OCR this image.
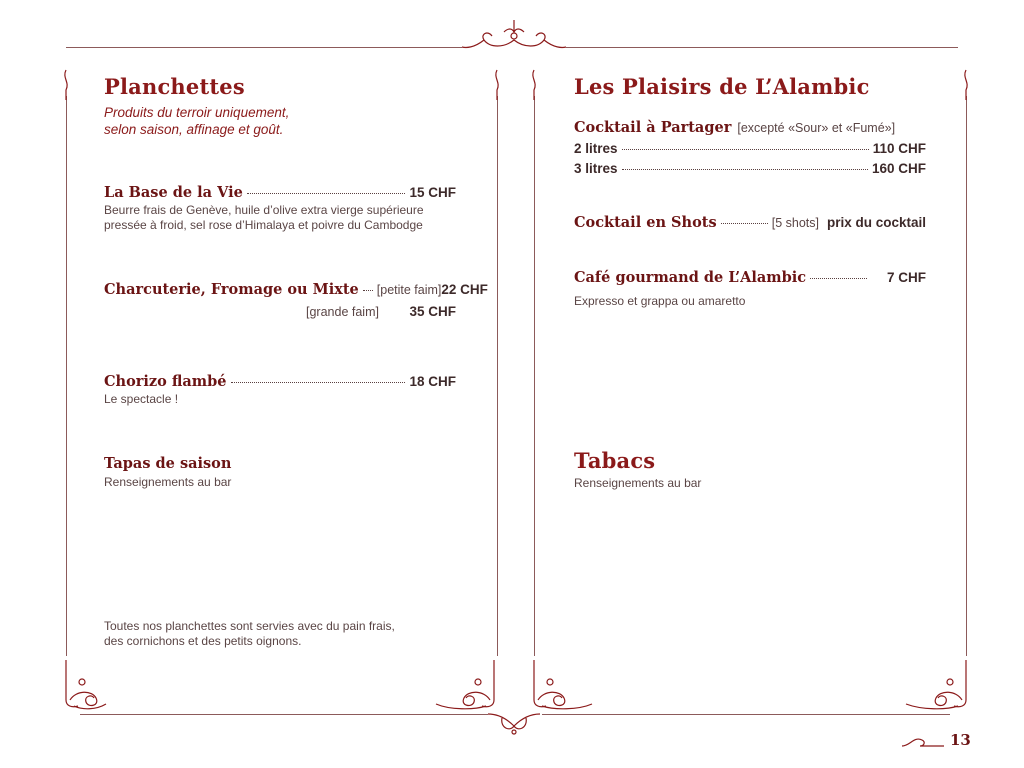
13
Planchettes
Produits du terroir uniquement,
selon saison, affinage et goût.
La Base de la Vie	15 CHF
Beurre frais de Genève, huile d’olive extra vierge supérieure
pressée à froid, sel rose d’Himalaya et poivre du Cambodge
Charcuterie, Fromage ou Mixte [petite faim] 22 CHF
[grande faim] 35 CHF
Chorizo flambé	18 CHF
Le spectacle !
Tapas de saison
Renseignements au bar
Toutes nos planchettes sont servies avec du pain frais,
des cornichons et des petits oignons.
Les Plaisirs de L’Alambic
Cocktail à Partager [excepté «Sour» et «Fumé»]
2 litres	110 CHF
3 litres	160 CHF
Cocktail en Shots	[5 shots] prix du cocktail
Café gourmand de L’Alambic	7 CHF
Expresso et grappa ou amaretto
Tabacs
Renseignements au bar
